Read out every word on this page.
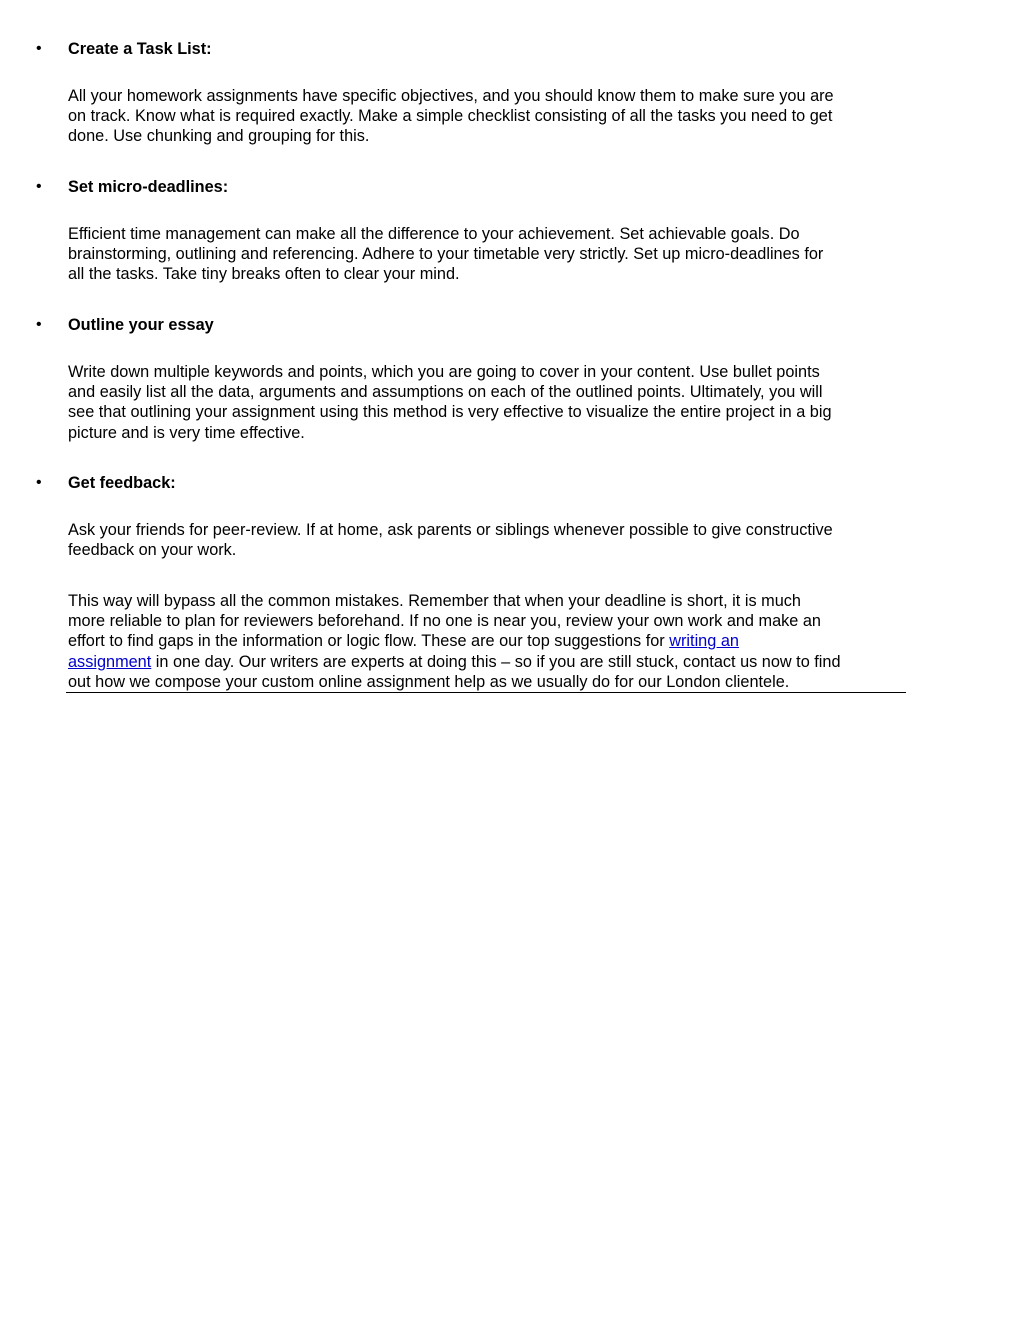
•	Create a Task List:
All your homework assignments have specific objectives, and you should know them to make sure you are
on track. Know what is required exactly. Make a simple checklist consisting of all the tasks you need to get
done. Use chunking and grouping for this.
•	Set micro-deadlines:
Efficient time management can make all the difference to your achievement. Set achievable goals. Do
brainstorming, outlining and referencing. Adhere to your timetable very strictly. Set up micro-deadlines for
all the tasks. Take tiny breaks often to clear your mind.
•	Outline your essay
Write down multiple keywords and points, which you are going to cover in your content. Use bullet points
and easily list all the data, arguments and assumptions on each of the outlined points. Ultimately, you will
see that outlining your assignment using this method is very effective to visualize the entire project in a big
picture and is very time effective.
•	Get feedback:
Ask your friends for peer-review. If at home, ask parents or siblings whenever possible to give constructive
feedback on your work.
This way will bypass all the common mistakes. Remember that when your deadline is short, it is much
more reliable to plan for reviewers beforehand. If no one is near you, review your own work and make an
effort to find gaps in the information or logic flow. These are our top suggestions for writing an
assignment in one day. Our writers are experts at doing this – so if you are still stuck, contact us now to find
out how we compose your custom online assignment help as we usually do for our London clientele.
